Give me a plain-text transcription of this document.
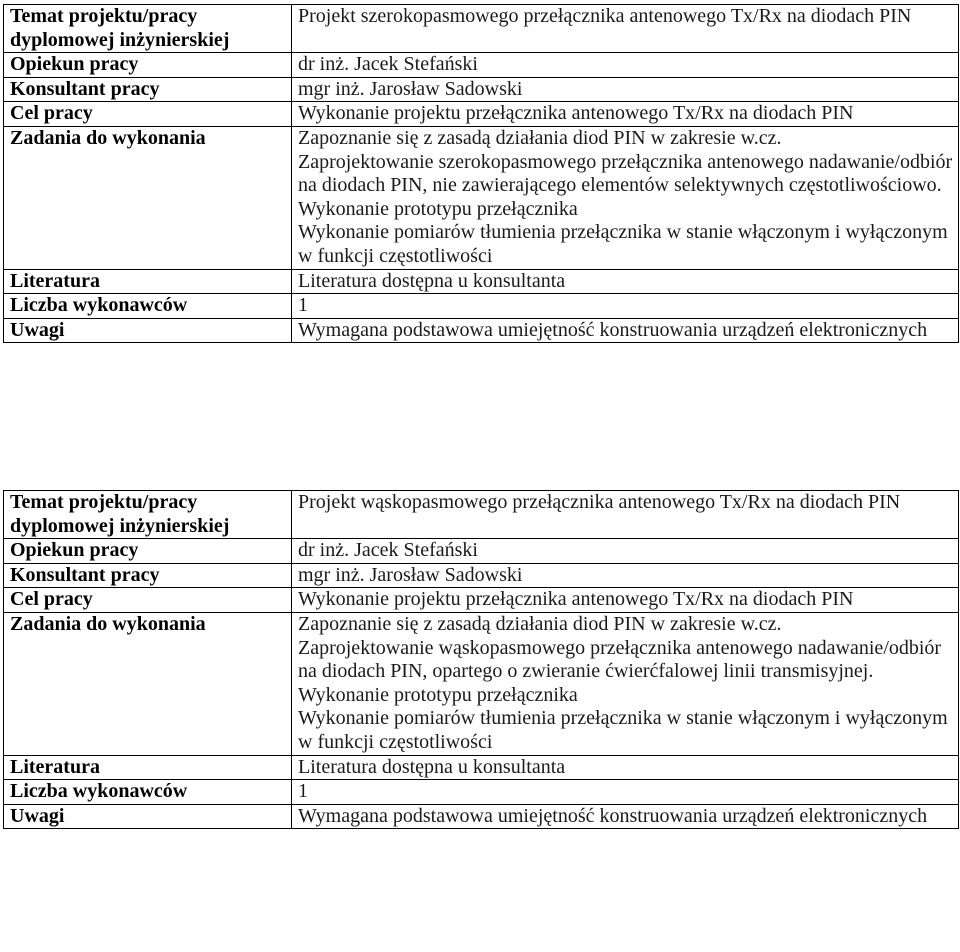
Temat projektu/pracy dyplomowej inżynierskiej	Projekt szerokopasmowego przełącznika antenowego Tx/Rx na diodach PIN
Opiekun pracy	dr inż. Jacek Stefański
Konsultant pracy	mgr inż. Jarosław Sadowski
Cel pracy	Wykonanie projektu przełącznika antenowego Tx/Rx na diodach PIN
Zadania do wykonania	Zapoznanie się z zasadą działania diod PIN w zakresie w.cz.
Zaprojektowanie szerokopasmowego przełącznika antenowego nadawanie/odbiór na diodach PIN, nie zawierającego elementów selektywnych częstotliwościowo.
Wykonanie prototypu przełącznika
Wykonanie pomiarów tłumienia przełącznika w stanie włączonym i wyłączonym w funkcji częstotliwości

Literatura	Literatura dostępna u konsultanta
Liczba wykonawców	1
Uwagi	Wymagana podstawowa umiejętność konstruowania urządzeń elektronicznych
Temat projektu/pracy dyplomowej inżynierskiej	Projekt wąskopasmowego przełącznika antenowego Tx/Rx na diodach PIN
Opiekun pracy	dr inż. Jacek Stefański
Konsultant pracy	mgr inż. Jarosław Sadowski
Cel pracy	Wykonanie projektu przełącznika antenowego Tx/Rx na diodach PIN
Zadania do wykonania	Zapoznanie się z zasadą działania diod PIN w zakresie w.cz.
Zaprojektowanie wąskopasmowego przełącznika antenowego nadawanie/odbiór na diodach PIN, opartego o zwieranie ćwierćfalowej linii transmisyjnej.
Wykonanie prototypu przełącznika
Wykonanie pomiarów tłumienia przełącznika w stanie włączonym i wyłączonym w funkcji częstotliwości

Literatura	Literatura dostępna u konsultanta
Liczba wykonawców	1
Uwagi	Wymagana podstawowa umiejętność konstruowania urządzeń elektronicznych
